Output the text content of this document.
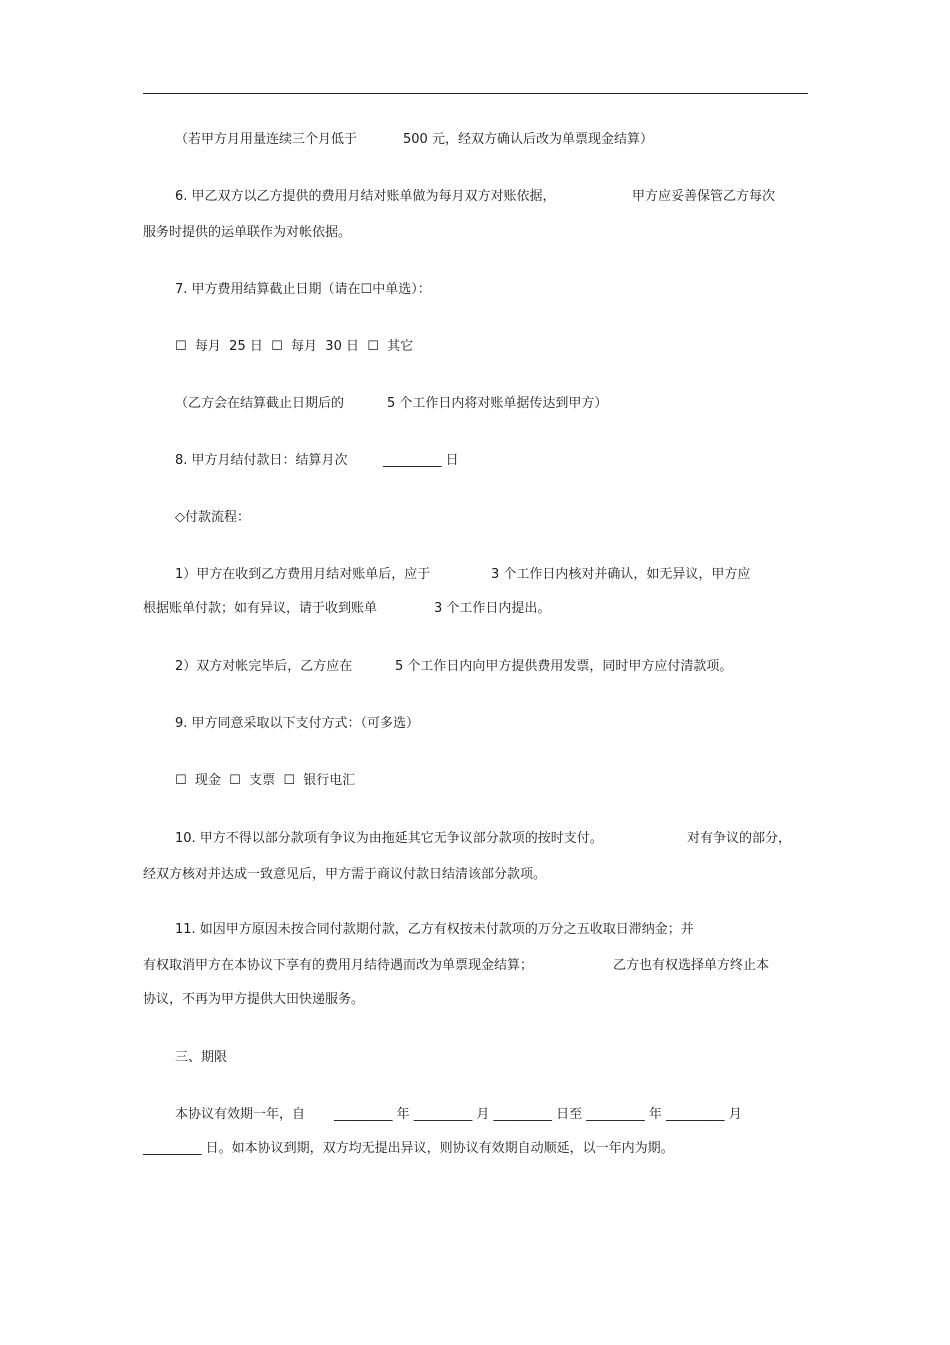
（若甲方月用量连续三个月低于	500 元，经双方确认后改为单票现金结算）
6. 甲乙双方以乙方提供的费用月结对账单做为每月双方对账依据，	甲方应妥善保管乙方每次
服务时提供的运单联作为对帐依据。
7. 甲方费用结算截止日期（请在☐中单选）：
☐  每月  25 日  ☐  每月  30 日  ☐  其它
（乙方会在结算截止日期后的	5 个工作日内将对账单据传达到甲方）
8. 甲方月结付款日：结算月次	_________ 日
◇付款流程：
1）甲方在收到乙方费用月结对账单后，应于	3 个工作日内核对并确认，如无异议，甲方应
根据账单付款；如有异议，请于收到账单	3 个工作日内提出。
2）双方对帐完毕后，乙方应在	5 个工作日内向甲方提供费用发票，同时甲方应付清款项。
9. 甲方同意采取以下支付方式：（可多选）
☐  现金  ☐  支票  ☐  银行电汇
10. 甲方不得以部分款项有争议为由拖延其它无争议部分款项的按时支付。	对有争议的部分，
经双方核对并达成一致意见后，甲方需于商议付款日结清该部分款项。
11. 如因甲方原因未按合同付款期付款，乙方有权按未付款项的万分之五收取日滞纳金；并
有权取消甲方在本协议下享有的费用月结待遇而改为单票现金结算；	乙方也有权选择单方终止本
协议，不再为甲方提供大田快递服务。
三、期限
本协议有效期一年，自 _________ 年 _________ 月 _________ 日至 _________ 年 _________ 月
_________ 日。如本协议到期，双方均无提出异议，则协议有效期自动顺延，以一年内为期。
